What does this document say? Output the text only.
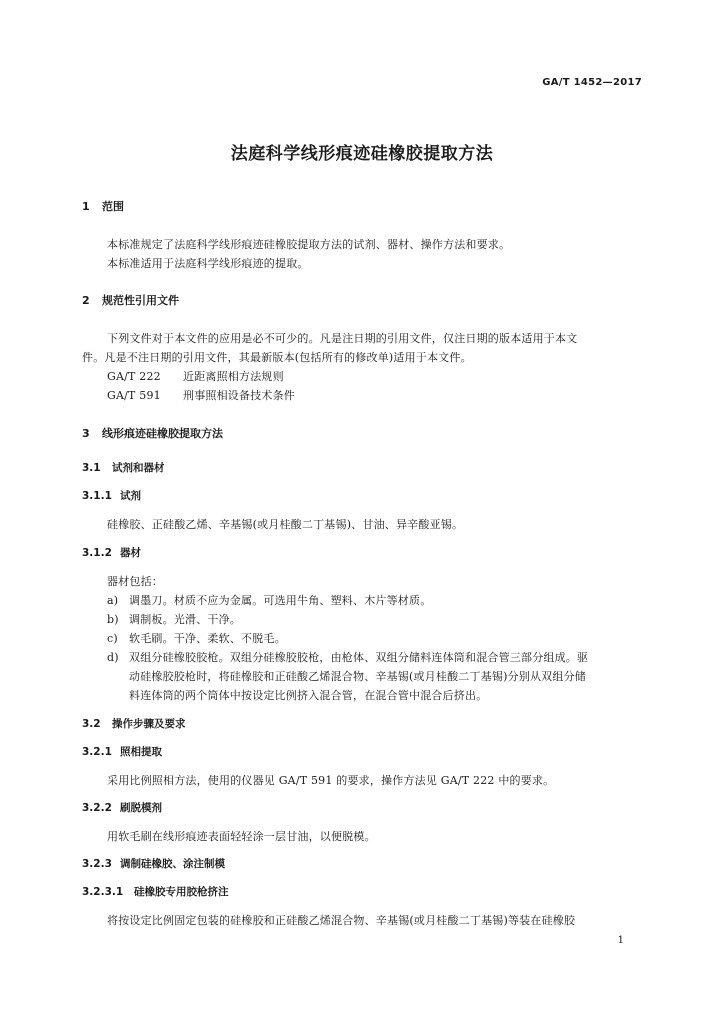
GA/T 1452—2017
法庭科学线形痕迹硅橡胶提取方法
1 范围
本标准规定了法庭科学线形痕迹硅橡胶提取方法的试剂、器材、操作方法和要求。
本标准适用于法庭科学线形痕迹的提取。
2 规范性引用文件
下列文件对于本文件的应用是必不可少的。凡是注日期的引用文件，仅注日期的版本适用于本文
件。凡是不注日期的引用文件，其最新版本(包括所有的修改单)适用于本文件。
GA/T 222 近距离照相方法规则
GA/T 591 刑事照相设备技术条件
3 线形痕迹硅橡胶提取方法
3.1 试剂和器材
3.1.1 试剂
硅橡胶、正硅酸乙烯、辛基锡(或月桂酸二丁基锡)、甘油、异辛酸亚锡。
3.1.2 器材
器材包括：
a) 调墨刀。材质不应为金属。可选用牛角、塑料、木片等材质。
b) 调制板。光滑、干净。
c) 软毛刷。干净、柔软、不脱毛。
d) 双组分硅橡胶胶枪。双组分硅橡胶胶枪，由枪体、双组分储料连体筒和混合管三部分组成。驱
动硅橡胶胶枪时，将硅橡胶和正硅酸乙烯混合物、辛基锡(或月桂酸二丁基锡)分别从双组分储
料连体筒的两个筒体中按设定比例挤入混合管，在混合管中混合后挤出。
3.2 操作步骤及要求
3.2.1 照相提取
采用比例照相方法，使用的仪器见 GA/T 591 的要求，操作方法见 GA/T 222 中的要求。
3.2.2 刷脱模剂
用软毛刷在线形痕迹表面轻轻涂一层甘油，以便脱模。
3.2.3 调制硅橡胶、涂注制模
3.2.3.1 硅橡胶专用胶枪挤注
将按设定比例固定包装的硅橡胶和正硅酸乙烯混合物、辛基锡(或月桂酸二丁基锡)等装在硅橡胶
1
